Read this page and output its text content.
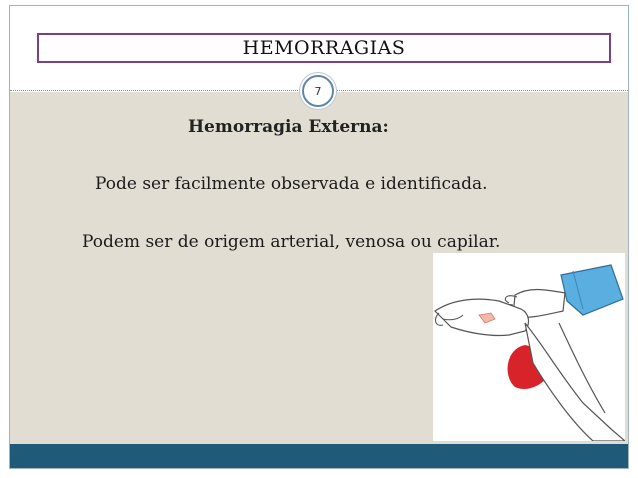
HEMORRAGIAS
7
Hemorragia Externa:
Pode ser facilmente observada e identificada.
Podem ser de origem arterial, venosa ou capilar.
